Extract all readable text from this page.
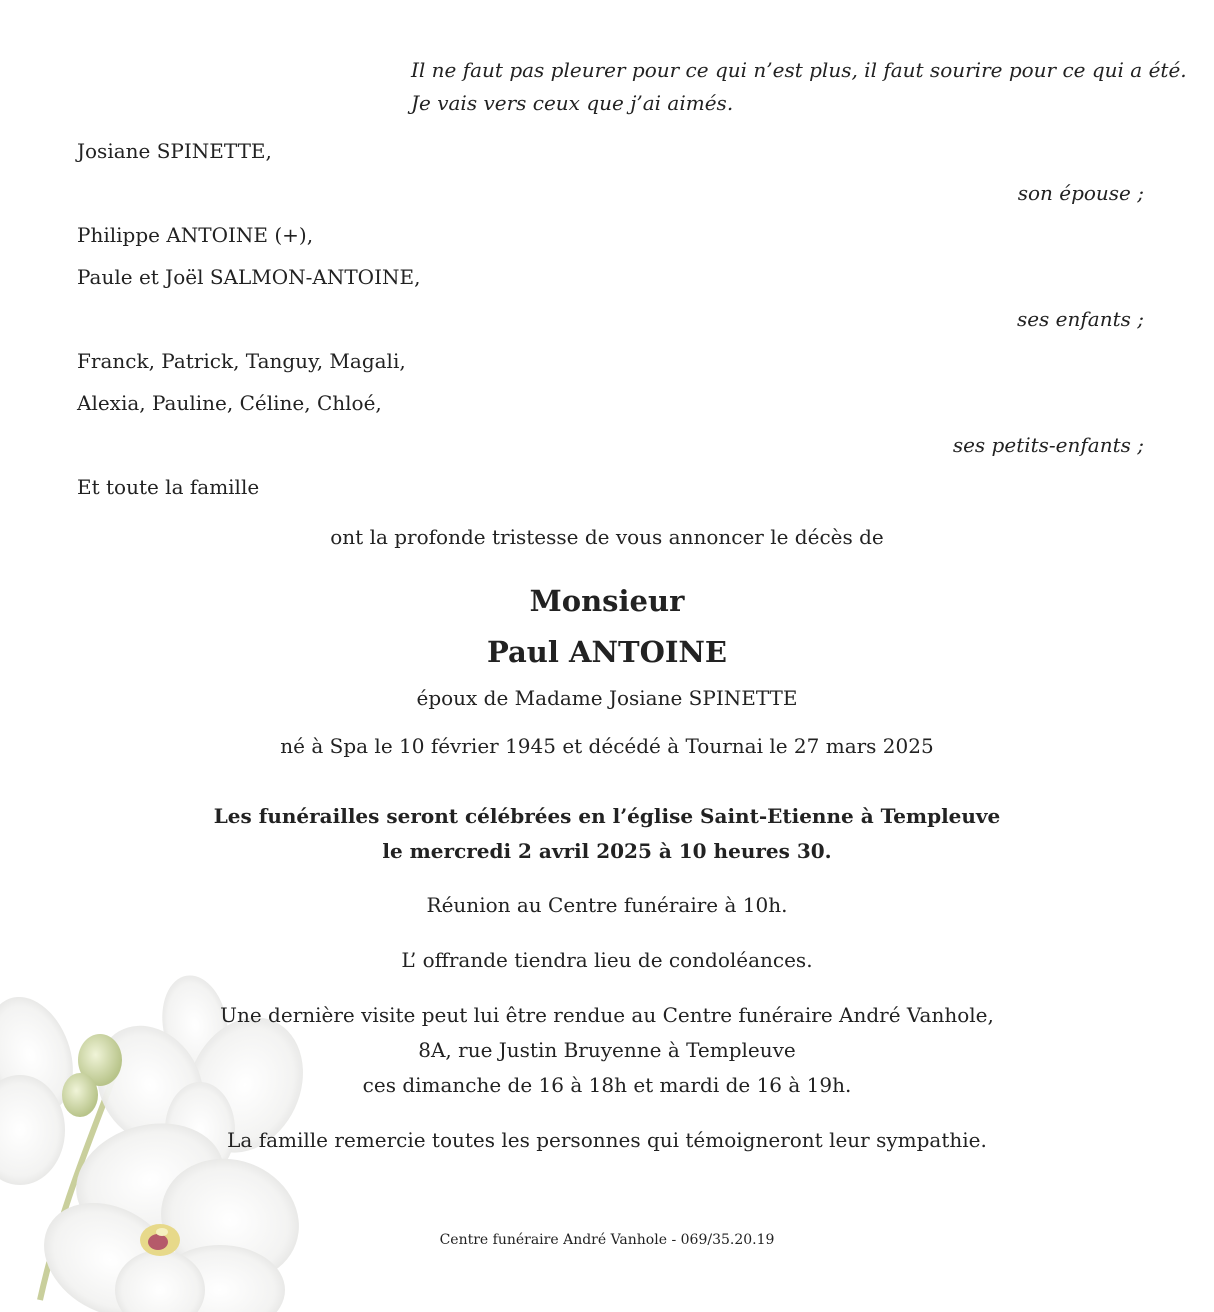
Il ne faut pas pleurer pour ce qui n’est plus, il faut sourire pour ce qui a été.

Je vais vers ceux que j’ai aimés.

Josiane SPINETTE,

son épouse ;

Philippe ANTOINE (+),

Paule et Joël SALMON-ANTOINE,

ses enfants ;

Franck, Patrick, Tanguy, Magali,

Alexia, Pauline, Céline, Chloé,

ses petits-enfants ;

Et toute la famille

ont la profonde tristesse de vous annoncer le décès de

Monsieur

Paul ANTOINE

époux de Madame Josiane SPINETTE

né à Spa le 10 février 1945 et décédé à Tournai le 27 mars 2025

Les funérailles seront célébrées en l’église Saint-Etienne à Templeuve

le mercredi 2 avril 2025 à 10 heures 30.

Réunion au Centre funéraire à 10h.

L’ offrande tiendra lieu de condoléances.

Une dernière visite peut lui être rendue au Centre funéraire André Vanhole,

8A, rue Justin Bruyenne à Templeuve

ces dimanche de 16 à 18h et mardi de 16 à 19h.

La famille remercie toutes les personnes qui témoigneront leur sympathie.

Centre funéraire André Vanhole - 069/35.20.19
